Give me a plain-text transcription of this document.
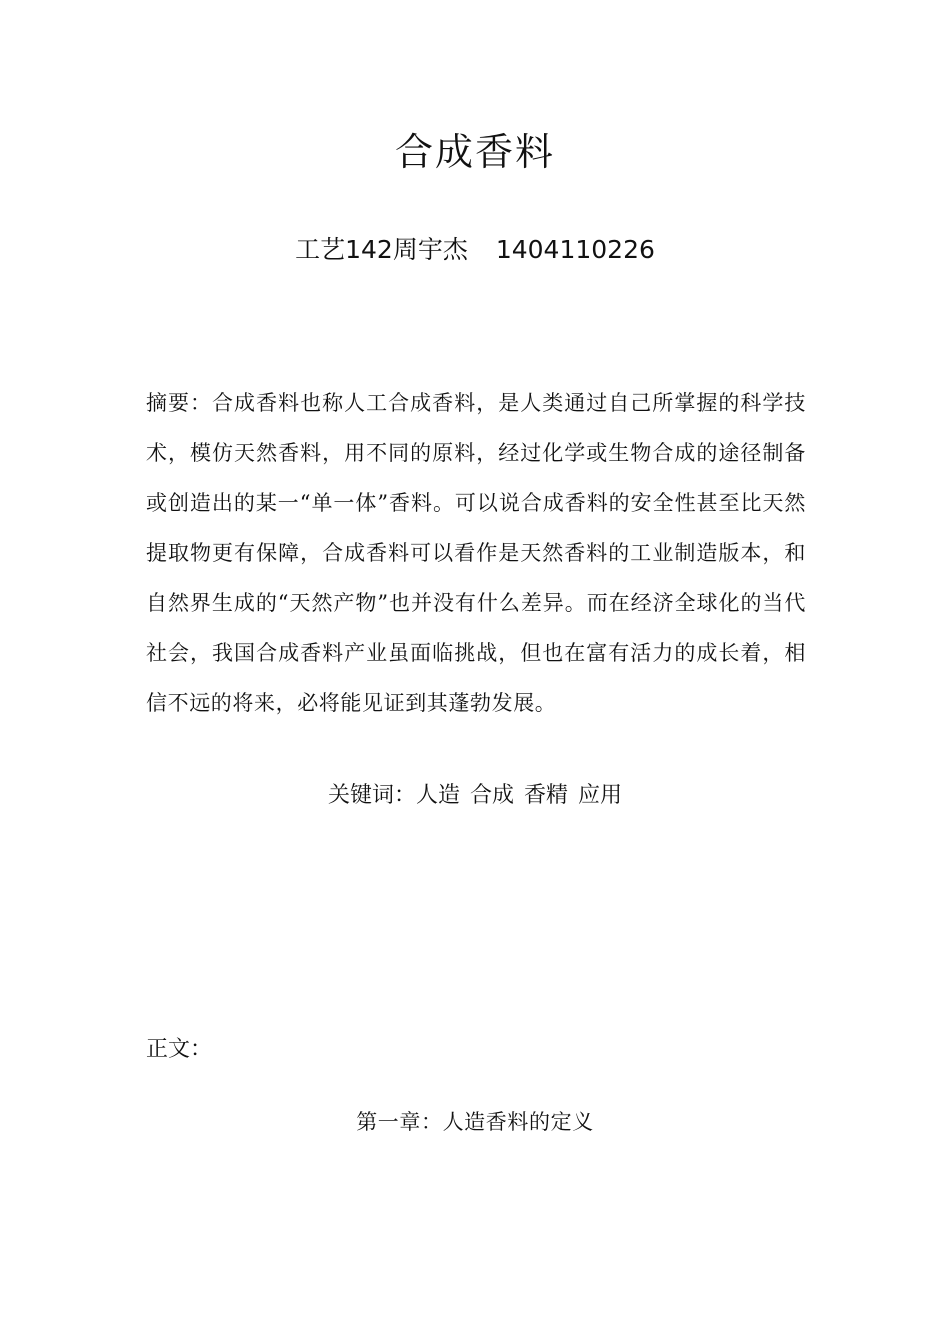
合成香料
工艺142周宇杰 1404110226
摘要：合成香料也称人工合成香料，是人类通过自己所掌握的科学技术，模仿天然香料，用不同的原料，经过化学或生物合成的途径制备或创造出的某一“单一体”香料。可以说合成香料的安全性甚至比天然提取物更有保障，合成香料可以看作是天然香料的工业制造版本，和自然界生成的“天然产物”也并没有什么差异。而在经济全球化的当代社会，我国合成香料产业虽面临挑战，但也在富有活力的成长着，相信不远的将来，必将能见证到其蓬勃发展。
关键词：人造 合成 香精 应用
正文：
第一章：人造香料的定义
